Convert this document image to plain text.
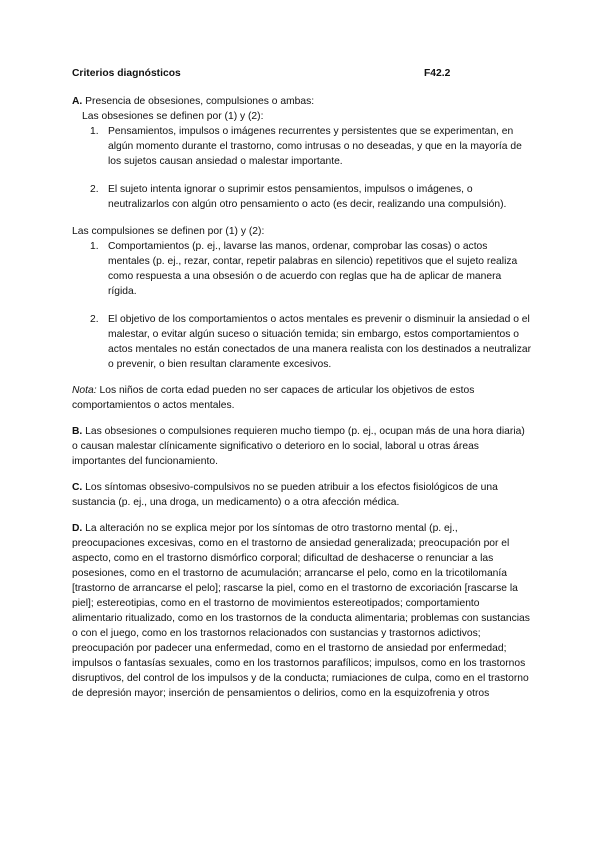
Criterios diagnósticos	F42.2

A. Presencia de obsesiones, compulsiones o ambas:

Las obsesiones se definen por (1) y (2):

1. Pensamientos, impulsos o imágenes recurrentes y persistentes que se experimentan, en algún momento durante el trastorno, como intrusas o no deseadas, y que en la mayoría de los sujetos causan ansiedad o malestar importante.
2. El sujeto intenta ignorar o suprimir estos pensamientos, impulsos o imágenes, o neutralizarlos con algún otro pensamiento o acto (es decir, realizando una compulsión).

Las compulsiones se definen por (1) y (2):

1. Comportamientos (p. ej., lavarse las manos, ordenar, comprobar las cosas) o actos mentales (p. ej., rezar, contar, repetir palabras en silencio) repetitivos que el sujeto realiza como respuesta a una obsesión o de acuerdo con reglas que ha de aplicar de manera rígida.
2. El objetivo de los comportamientos o actos mentales es prevenir o disminuir la ansiedad o el malestar, o evitar algún suceso o situación temida; sin embargo, estos comportamientos o actos mentales no están conectados de una manera realista con los destinados a neutralizar o prevenir, o bien resultan claramente excesivos.

Nota: Los niños de corta edad pueden no ser capaces de articular los objetivos de estos comportamientos o actos mentales.

B. Las obsesiones o compulsiones requieren mucho tiempo (p. ej., ocupan más de una hora diaria) o causan malestar clínicamente significativo o deterioro en lo social, laboral u otras áreas importantes del funcionamiento.

C. Los síntomas obsesivo-compulsivos no se pueden atribuir a los efectos fisiológicos de una sustancia (p. ej., una droga, un medicamento) o a otra afección médica.

D. La alteración no se explica mejor por los síntomas de otro trastorno mental (p. ej., preocupaciones excesivas, como en el trastorno de ansiedad generalizada; preocupación por el aspecto, como en el trastorno dismórfico corporal; dificultad de deshacerse o renunciar a las posesiones, como en el trastorno de acumulación; arrancarse el pelo, como en la tricotilomanía [trastorno de arrancarse el pelo]; rascarse la piel, como en el trastorno de excoriación [rascarse la piel]; estereotipias, como en el trastorno de movimientos estereotipados; comportamiento alimentario ritualizado, como en los trastornos de la conducta alimentaria; problemas con sustancias o con el juego, como en los trastornos relacionados con sustancias y trastornos adictivos; preocupación por padecer una enfermedad, como en el trastorno de ansiedad por enfermedad; impulsos o fantasías sexuales, como en los trastornos parafílicos; impulsos, como en los trastornos disruptivos, del control de los impulsos y de la conducta; rumiaciones de culpa, como en el trastorno de depresión mayor; inserción de pensamientos o delirios, como en la esquizofrenia y otros
